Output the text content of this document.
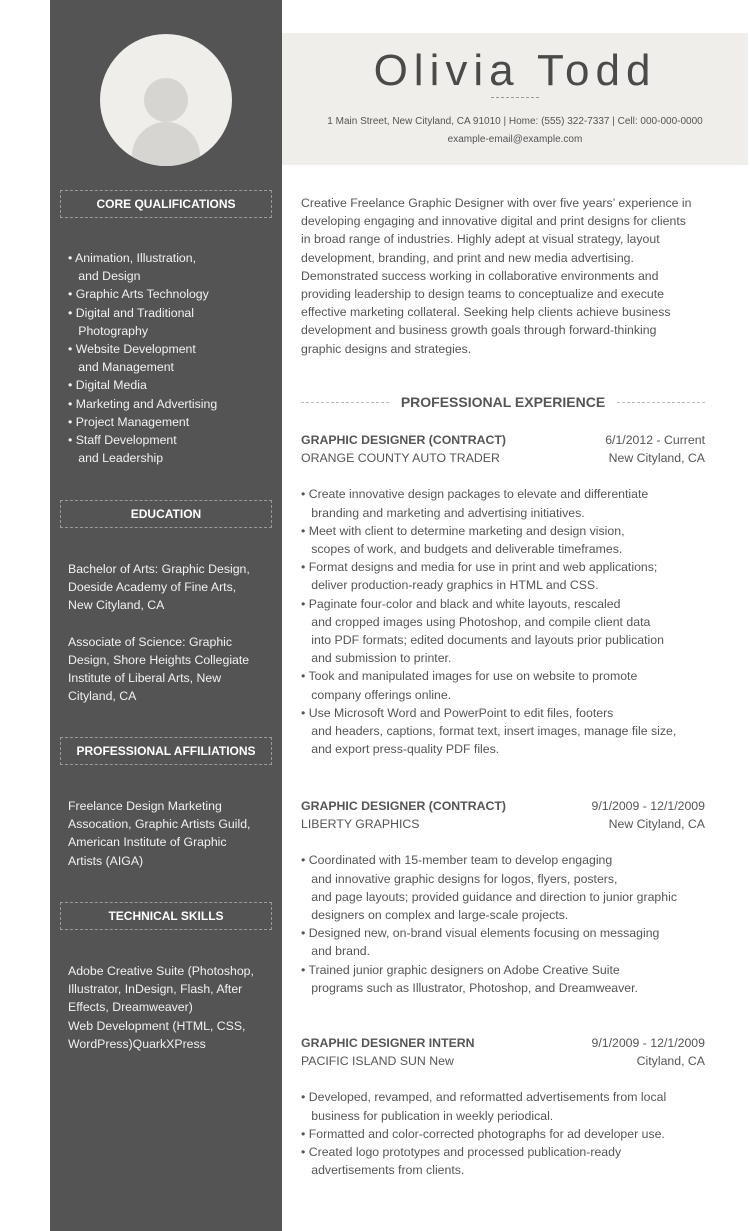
Olivia Todd
1 Main Street, New Cityland, CA 91010 | Home: (555) 322-7337 | Cell: 000-000-0000
example-email@example.com
CORE QUALIFICATIONS
• Animation, Illustration,
and Design
• Graphic Arts Technology
• Digital and Traditional
Photography
• Website Development
and Management
• Digital Media
• Marketing and Advertising
• Project Management
• Staff Development
and Leadership
EDUCATION
Bachelor of Arts: Graphic Design,
Doeside Academy of Fine Arts,
New Cityland, CA

Associate of Science: Graphic
Design, Shore Heights Collegiate
Institute of Liberal Arts, New
Cityland, CA
PROFESSIONAL AFFILIATIONS
Freelance Design Marketing
Assocation, Graphic Artists Guild,
American Institute of Graphic
Artists (AIGA)
TECHNICAL SKILLS
Adobe Creative Suite (Photoshop,
Illustrator, InDesign, Flash, After
Effects, Dreamweaver)
Web Development (HTML, CSS,
WordPress)QuarkXPress
Creative Freelance Graphic Designer with over five years’ experience in
developing engaging and innovative digital and print designs for clients
in broad range of industries. Highly adept at visual strategy, layout
development, branding, and print and new media advertising.
Demonstrated success working in collaborative environments and
providing leadership to design teams to conceptualize and execute
effective marketing collateral. Seeking help clients achieve business
development and business growth goals through forward-thinking
graphic designs and strategies.
PROFESSIONAL EXPERIENCE
GRAPHIC DESIGNER (CONTRACT)	6/1/2012 - Current
ORANGE COUNTY AUTO TRADER	New Cityland, CA
• Create innovative design packages to elevate and differentiate
branding and marketing and advertising initiatives.
• Meet with client to determine marketing and design vision,
scopes of work, and budgets and deliverable timeframes.
• Format designs and media for use in print and web applications;
deliver production-ready graphics in HTML and CSS.
• Paginate four-color and black and white layouts, rescaled
and cropped images using Photoshop, and compile client data
into PDF formats; edited documents and layouts prior publication
and submission to printer.
• Took and manipulated images for use on website to promote
company offerings online.
• Use Microsoft Word and PowerPoint to edit files, footers
and headers, captions, format text, insert images, manage file size,
and export press-quality PDF files.
GRAPHIC DESIGNER (CONTRACT)	9/1/2009 - 12/1/2009
LIBERTY GRAPHICS	New Cityland, CA
• Coordinated with 15-member team to develop engaging
and innovative graphic designs for logos, flyers, posters,
and page layouts; provided guidance and direction to junior graphic
designers on complex and large-scale projects.
• Designed new, on-brand visual elements focusing on messaging
and brand.
• Trained junior graphic designers on Adobe Creative Suite
programs such as Illustrator, Photoshop, and Dreamweaver.
GRAPHIC DESIGNER INTERN	9/1/2009 - 12/1/2009
PACIFIC ISLAND SUN New	Cityland, CA
• Developed, revamped, and reformatted advertisements from local
business for publication in weekly periodical.
• Formatted and color-corrected photographs for ad developer use.
• Created logo prototypes and processed publication-ready
advertisements from clients.
